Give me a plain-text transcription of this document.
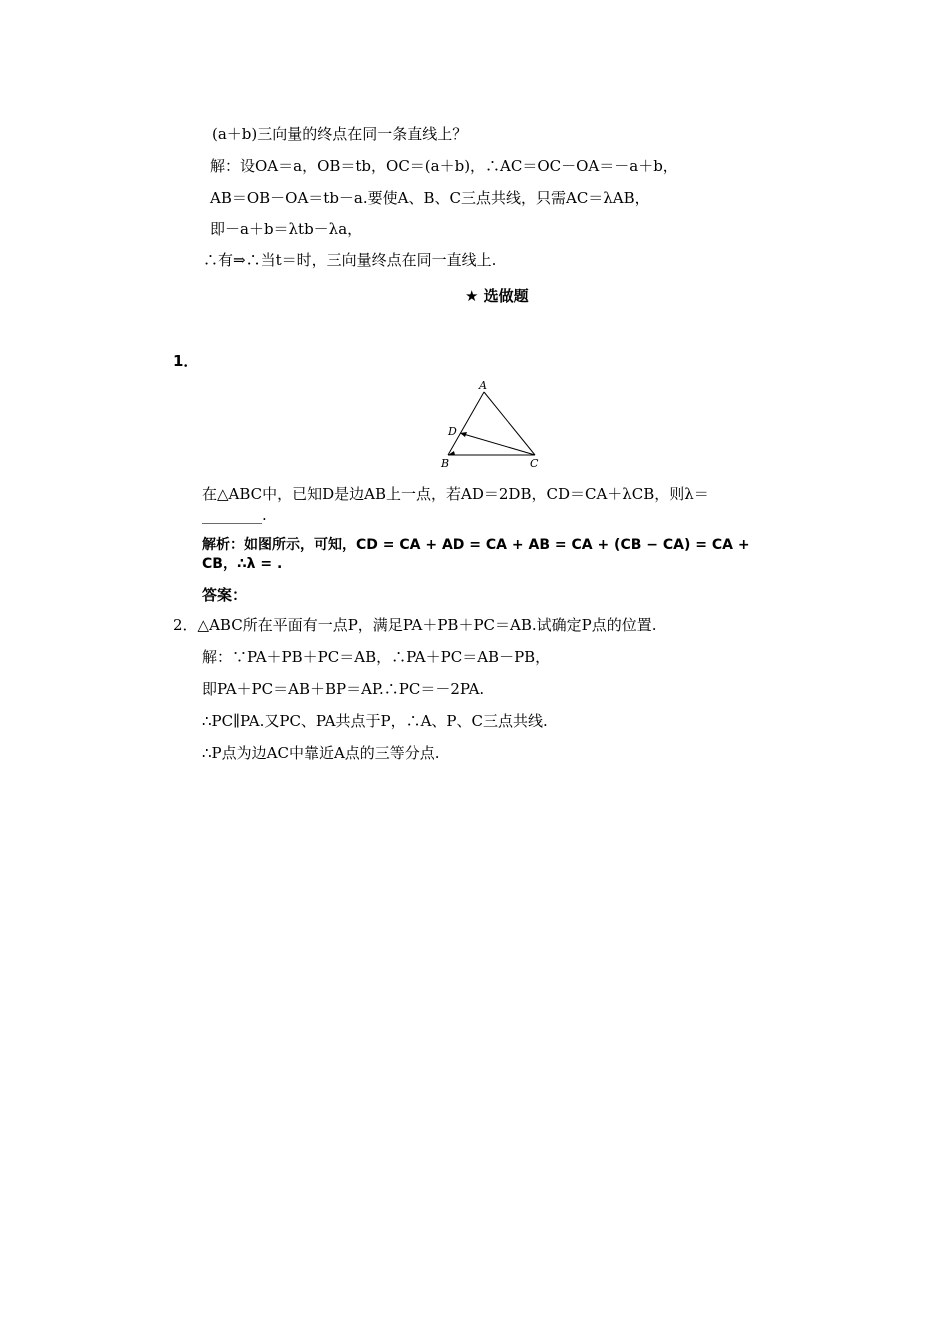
(a＋b)三向量的终点在同一条直线上？
解：设OA＝a，OB＝tb，OC＝(a＋b)，∴AC＝OC－OA＝－a＋b，
AB＝OB－OA＝tb－a.要使A、B、C三点共线，只需AC＝λAB，
即－a＋b＝λtb－λa，
∴有⇒∴当t＝时，三向量终点在同一直线上.
★ 选做题
1．
A
B	C
D
在△ABC中，已知D是边AB上一点，若AD＝2DB，CD＝CA＋λCB，则λ＝
________.
解析：如图所示，可知，CD = CA + AD = CA + AB = CA + (CB − CA) = CA +
CB，∴λ = .
答案：
2．△ABC所在平面有一点P，满足PA＋PB＋PC＝AB.试确定P点的位置.
解：∵PA＋PB＋PC＝AB，∴PA＋PC＝AB－PB，
即PA＋PC＝AB＋BP＝AP.∴PC＝－2PA.
∴PC∥PA.又PC、PA共点于P，∴A、P、C三点共线.
∴P点为边AC中靠近A点的三等分点.
